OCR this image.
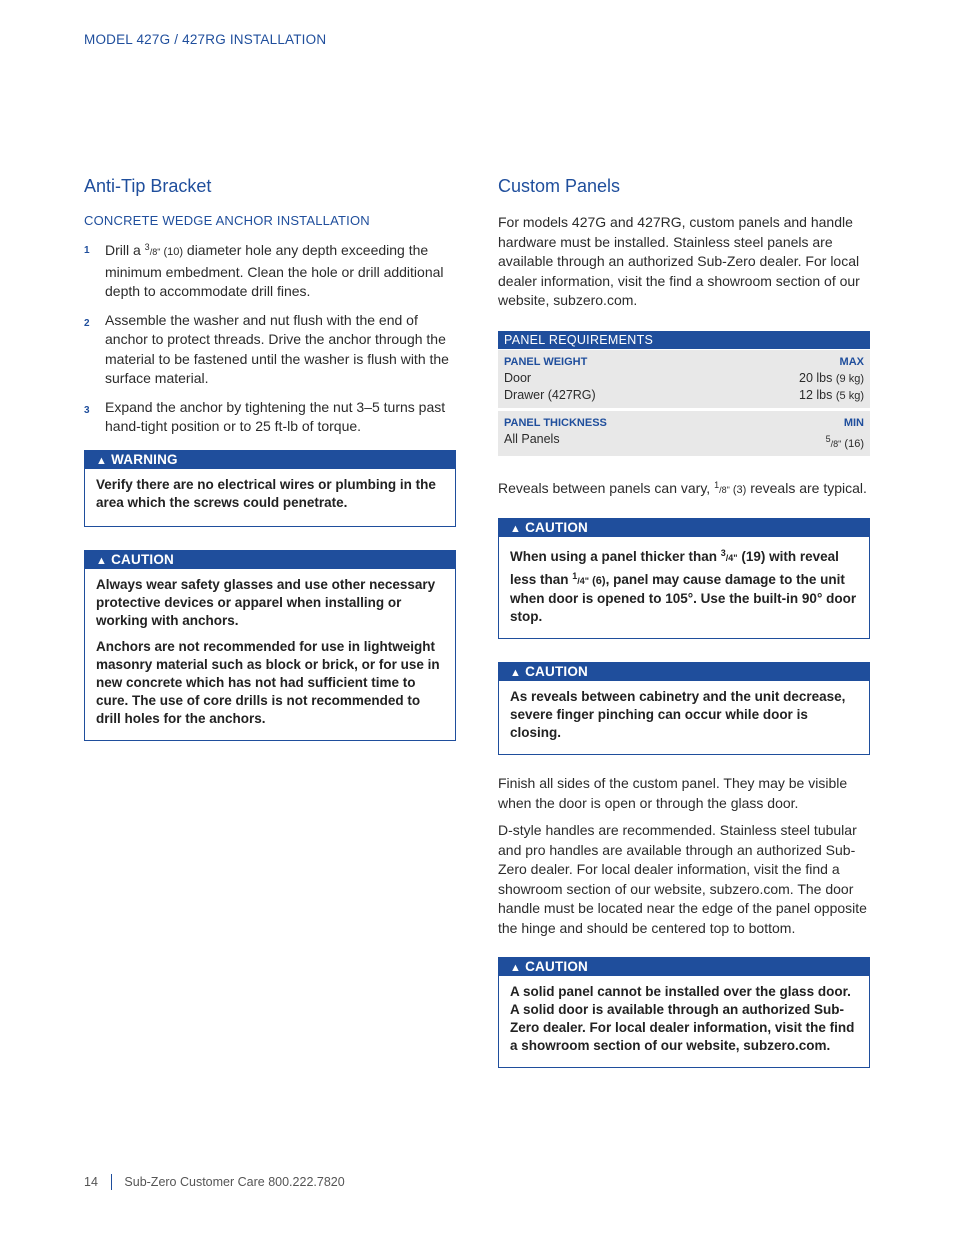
MODEL 427G / 427RG INSTALLATION
Anti-Tip Bracket
CONCRETE WEDGE ANCHOR INSTALLATION
1	Drill a $^3$/8" (10) diameter hole any depth exceeding the minimum embedment. Clean the hole or drill additional depth to accommodate drill fines.
2	Assemble the washer and nut flush with the end of anchor to protect threads. Drive the anchor through the material to be fastened until the washer is flush with the surface material.
3	Expand the anchor by tightening the nut 3–5 turns past hand-tight position or to 25 ft-lb of torque.
▲ WARNING
Verify there are no electrical wires or plumbing in the area which the screws could penetrate.
▲ CAUTION

Always wear safety glasses and use other necessary protective devices or apparel when installing or working with anchors.

Anchors are not recommended for use in lightweight masonry material such as block or brick, or for use in new concrete which has not had sufficient time to cure. The use of core drills is not recommended to drill holes for the anchors.

Custom Panels

For models 427G and 427RG, custom panels and handle hardware must be installed. Stainless steel panels are available through an authorized Sub-Zero dealer. For local dealer information, visit the find a showroom section of our website, subzero.com.

PANEL REQUIREMENTS
PANEL WEIGHT	MAX
Door	20 lbs (9 kg)
Drawer (427RG)	12 lbs (5 kg)
PANEL THICKNESS	MIN
All Panels	$^5$/8" (16)

Reveals between panels can vary, $^1$/8" (3) reveals are typical.

▲ CAUTION
When using a panel thicker than $^3$/4" (19) with reveal less than $^1$/4" (6), panel may cause damage to the unit when door is opened to 105°. Use the built-in 90° door stop.
▲ CAUTION
As reveals between cabinetry and the unit decrease, severe finger pinching can occur while door is closing.

Finish all sides of the custom panel. They may be visible when the door is open or through the glass door.

D-style handles are recommended. Stainless steel tubular and pro handles are available through an authorized Sub-Zero dealer. For local dealer information, visit the find a showroom section of our website, subzero.com. The door handle must be located near the edge of the panel opposite the hinge and should be centered top to bottom.

▲ CAUTION
A solid panel cannot be installed over the glass door. A solid door is available through an authorized Sub-Zero dealer. For local dealer information, visit the find a showroom section of our website, subzero.com.
14 Sub-Zero Customer Care 800.222.7820
